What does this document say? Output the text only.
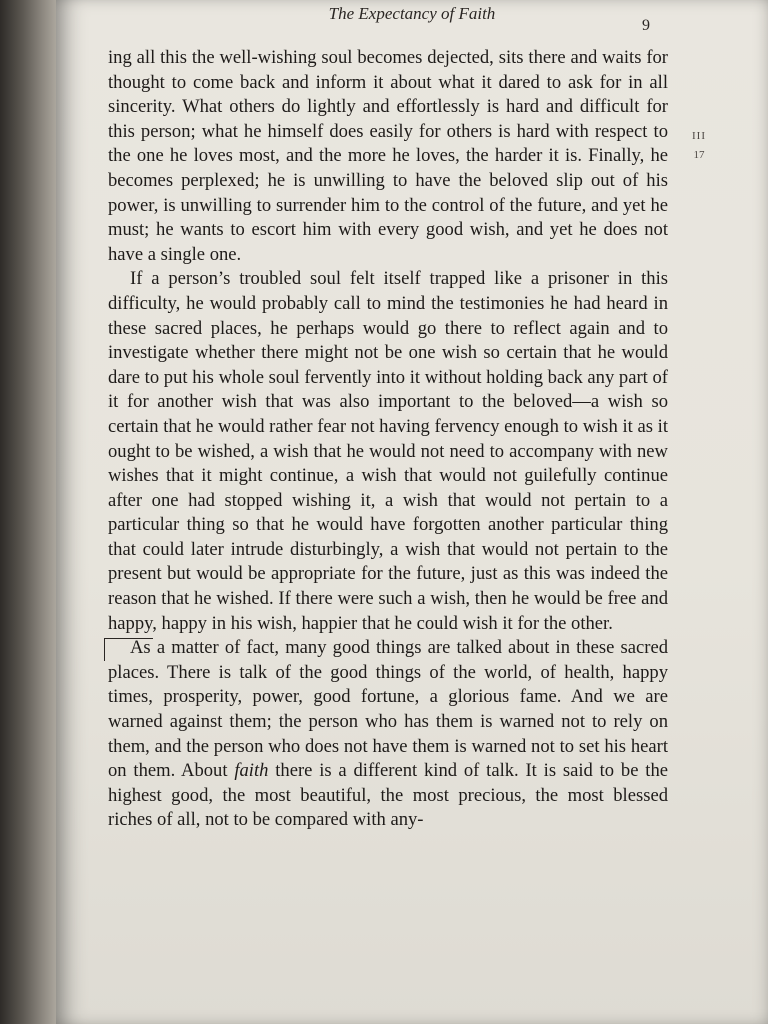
The Expectancy of Faith
9
III
17

ing all this the well-wishing soul becomes dejected, sits there and waits for thought to come back and inform it about what it dared to ask for in all sincerity. What others do lightly and effortlessly is hard and difficult for this person; what he himself does easily for others is hard with respect to the one he loves most, and the more he loves, the harder it is. Finally, he becomes perplexed; he is unwilling to have the beloved slip out of his power, is unwilling to surrender him to the control of the future, and yet he must; he wants to escort him with every good wish, and yet he does not have a single one.

If a person’s troubled soul felt itself trapped like a prisoner in this difficulty, he would probably call to mind the testimonies he had heard in these sacred places, he perhaps would go there to reflect again and to investigate whether there might not be one wish so certain that he would dare to put his whole soul fervently into it without holding back any part of it for another wish that was also important to the beloved—a wish so certain that he would rather fear not having fervency enough to wish it as it ought to be wished, a wish that he would not need to accompany with new wishes that it might continue, a wish that would not guilefully continue after one had stopped wishing it, a wish that would not pertain to a particular thing so that he would have forgotten another particular thing that could later intrude disturbingly, a wish that would not pertain to the present but would be appropriate for the future, just as this was indeed the reason that he wished. If there were such a wish, then he would be free and happy, happy in his wish, happier that he could wish it for the other.

As a matter of fact, many good things are talked about in these sacred places. There is talk of the good things of the world, of health, happy times, prosperity, power, good fortune, a glorious fame. And we are warned against them; the person who has them is warned not to rely on them, and the person who does not have them is warned not to set his heart on them. About faith there is a different kind of talk. It is said to be the highest good, the most beautiful, the most precious, the most blessed riches of all, not to be compared with any-
